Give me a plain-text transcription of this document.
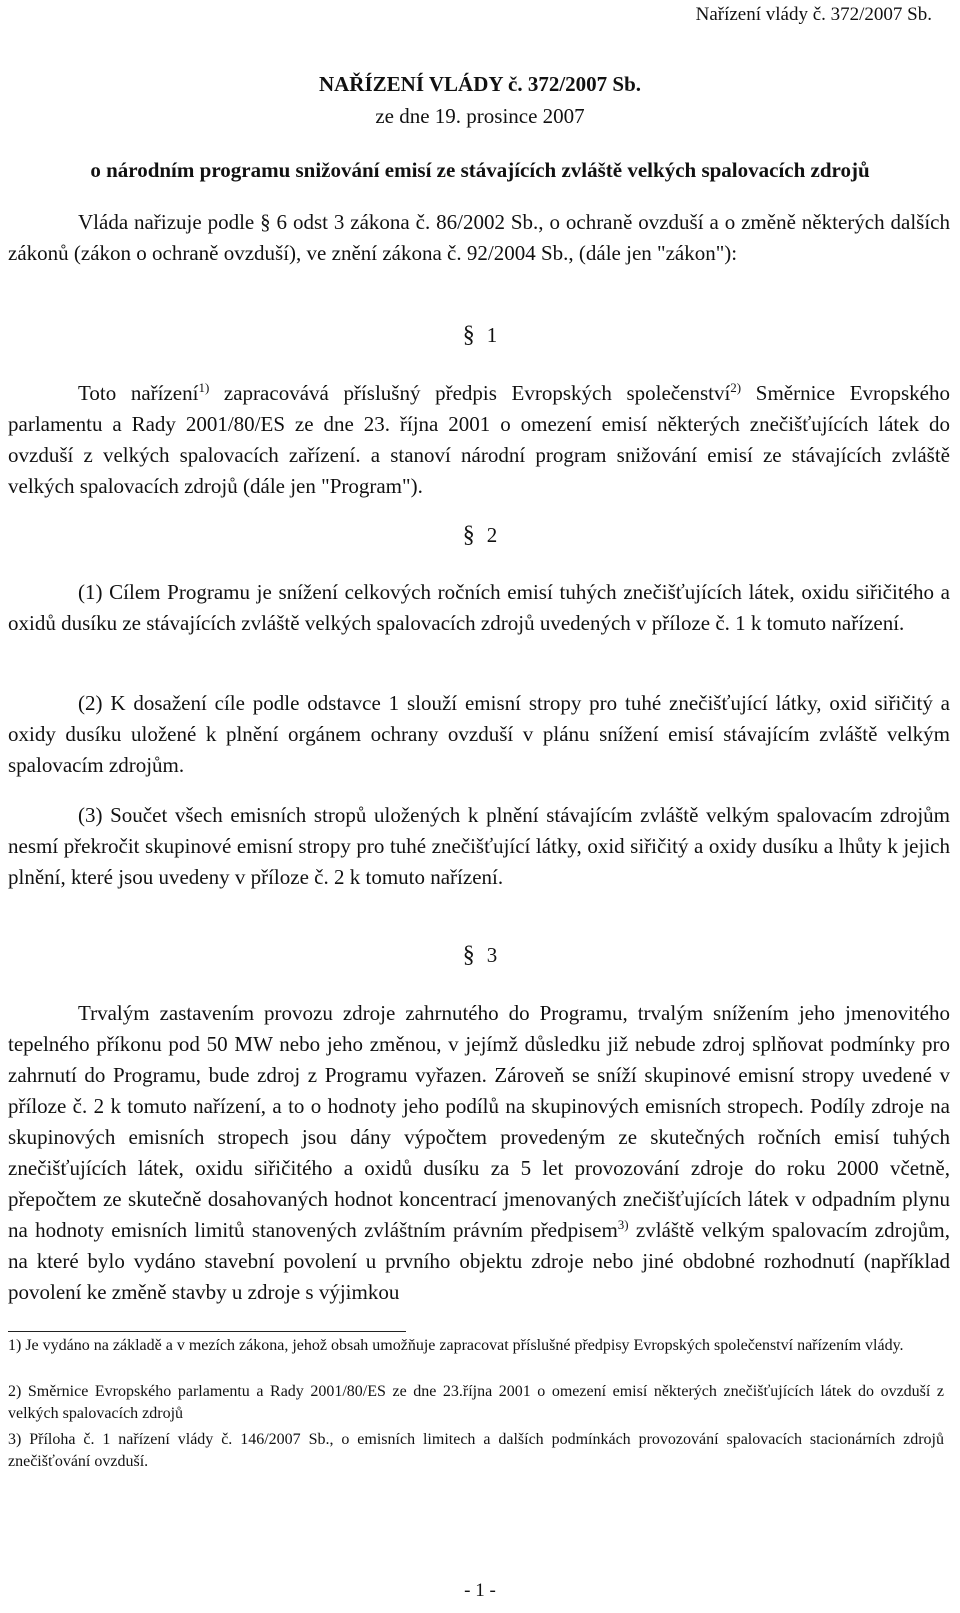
Nařízení vlády č. 372/2007 Sb.
NAŘÍZENÍ VLÁDY č. 372/2007 Sb.
ze dne 19. prosince 2007
o národním programu snižování emisí ze stávajících zvláště velkých spalovacích zdrojů
Vláda nařizuje podle § 6 odst 3 zákona č. 86/2002 Sb., o ochraně ovzduší a o změně některých dalších zákonů (zákon o ochraně ovzduší), ve znění zákona č. 92/2004 Sb., (dále jen "zákon"):
§ 1
Toto nařízení$^{1)}$ zapracovává příslušný předpis Evropských společenství$^{2)}$ Směrnice Evropského parlamentu a Rady 2001/80/ES ze dne 23. října 2001 o omezení emisí některých znečišťujících látek do ovzduší z velkých spalovacích zařízení. a stanoví národní program snižování emisí ze stávajících zvláště velkých spalovacích zdrojů (dále jen "Program").
§ 2
(1) Cílem Programu je snížení celkových ročních emisí tuhých znečišťujících látek, oxidu siřičitého a oxidů dusíku ze stávajících zvláště velkých spalovacích zdrojů uvedených v příloze č. 1 k tomuto nařízení.
(2) K dosažení cíle podle odstavce 1 slouží emisní stropy pro tuhé znečišťující látky, oxid siřičitý a oxidy dusíku uložené k plnění orgánem ochrany ovzduší v plánu snížení emisí stávajícím zvláště velkým spalovacím zdrojům.
(3) Součet všech emisních stropů uložených k plnění stávajícím zvláště velkým spalovacím zdrojům nesmí překročit skupinové emisní stropy pro tuhé znečišťující látky, oxid siřičitý a oxidy dusíku a lhůty k jejich plnění, které jsou uvedeny v příloze č. 2 k tomuto nařízení.
§ 3
Trvalým zastavením provozu zdroje zahrnutého do Programu, trvalým snížením jeho jmenovitého tepelného příkonu pod 50 MW nebo jeho změnou, v jejímž důsledku již nebude zdroj splňovat podmínky pro zahrnutí do Programu, bude zdroj z Programu vyřazen. Zároveň se sníží skupinové emisní stropy uvedené v příloze č. 2 k tomuto nařízení, a to o hodnoty jeho podílů na skupinových emisních stropech. Podíly zdroje na skupinových emisních stropech jsou dány výpočtem provedeným ze skutečných ročních emisí tuhých znečišťujících látek, oxidu siřičitého a oxidů dusíku za 5 let provozování zdroje do roku 2000 včetně, přepočtem ze skutečně dosahovaných hodnot koncentrací jmenovaných znečišťujících látek v odpadním plynu na hodnoty emisních limitů stanovených zvláštním právním předpisem$^{3)}$ zvláště velkým spalovacím zdrojům, na které bylo vydáno stavební povolení u prvního objektu zdroje nebo jiné obdobné rozhodnutí (například povolení ke změně stavby u zdroje s výjimkou
1) Je vydáno na základě a v mezích zákona, jehož obsah umožňuje zapracovat příslušné předpisy Evropských společenství nařízením vlády.
2) Směrnice Evropského parlamentu a Rady 2001/80/ES ze dne 23.října 2001 o omezení emisí některých znečišťujících látek do ovzduší z velkých spalovacích zdrojů
3) Příloha č. 1 nařízení vlády č. 146/2007 Sb., o emisních limitech a dalších podmínkách provozování spalovacích stacionárních zdrojů znečišťování ovzduší.
- 1 -
